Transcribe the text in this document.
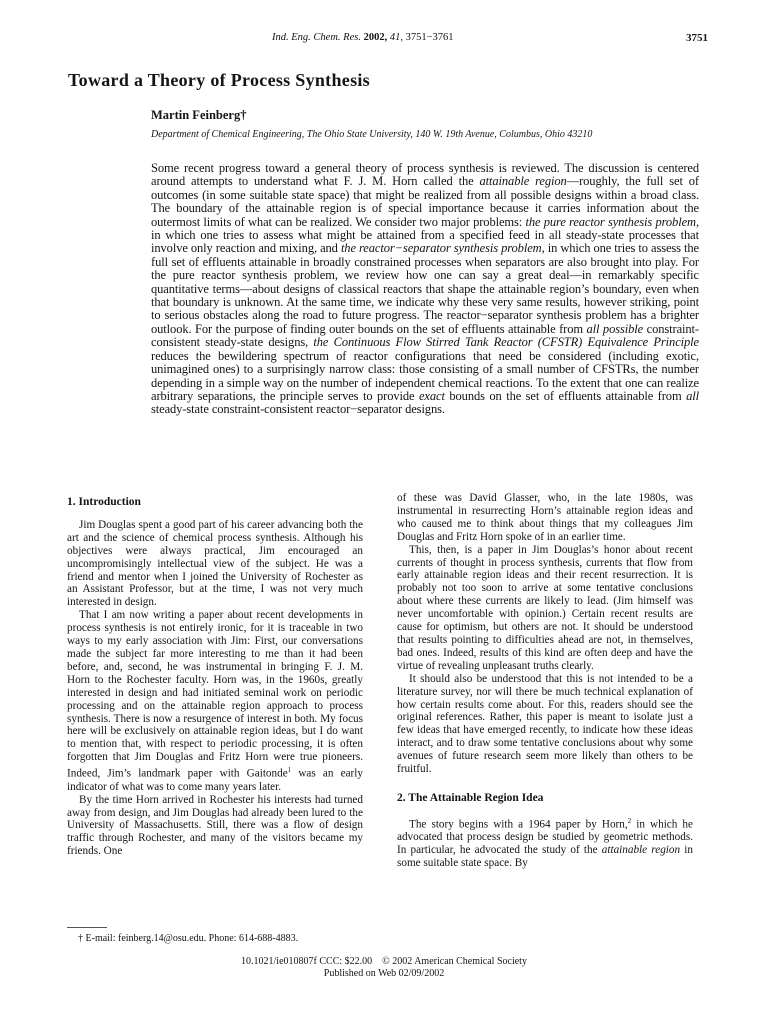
Ind. Eng. Chem. Res. 2002, 41, 3751−3761	3751
Toward a Theory of Process Synthesis
Martin Feinberg†
Department of Chemical Engineering, The Ohio State University, 140 W. 19th Avenue, Columbus, Ohio 43210
Some recent progress toward a general theory of process synthesis is reviewed. The discussion is centered around attempts to understand what F. J. M. Horn called the attainable region—roughly, the full set of outcomes (in some suitable state space) that might be realized from all possible designs within a broad class. The boundary of the attainable region is of special importance because it carries information about the outermost limits of what can be realized. We consider two major problems: the pure reactor synthesis problem, in which one tries to assess what might be attained from a specified feed in all steady-state processes that involve only reaction and mixing, and the reactor−separator synthesis problem, in which one tries to assess the full set of effluents attainable in broadly constrained processes when separators are also brought into play. For the pure reactor synthesis problem, we review how one can say a great deal—in remarkably specific quantitative terms—about designs of classical reactors that shape the attainable region’s boundary, even when that boundary is unknown. At the same time, we indicate why these very same results, however striking, point to serious obstacles along the road to future progress. The reactor−separator synthesis problem has a brighter outlook. For the purpose of finding outer bounds on the set of effluents attainable from all possible constraint-consistent steady-state designs, the Continuous Flow Stirred Tank Reactor (CFSTR) Equivalence Principle reduces the bewildering spectrum of reactor configurations that need be considered (including exotic, unimagined ones) to a surprisingly narrow class: those consisting of a small number of CFSTRs, the number depending in a simple way on the number of independent chemical reactions. To the extent that one can realize arbitrary separations, the principle serves to provide exact bounds on the set of effluents attainable from all steady-state constraint-consistent reactor−separator designs.
1. Introduction

Jim Douglas spent a good part of his career advancing both the art and the science of chemical process synthesis. Although his objectives were always practical, Jim encouraged an uncompromisingly intellectual view of the subject. He was a friend and mentor when I joined the University of Rochester as an Assistant Professor, but at the time, I was not very much interested in design.

That I am now writing a paper about recent developments in process synthesis is not entirely ironic, for it is traceable in two ways to my early association with Jim: First, our conversations made the subject far more interesting to me than it had been before, and, second, he was instrumental in bringing F. J. M. Horn to the Rochester faculty. Horn was, in the 1960s, greatly interested in design and had initiated seminal work on periodic processing and on the attainable region approach to process synthesis. There is now a resurgence of interest in both. My focus here will be exclusively on attainable region ideas, but I do want to mention that, with respect to periodic processing, it is often forgotten that Jim Douglas and Fritz Horn were true pioneers. Indeed, Jim’s landmark paper with Gaitonde$^1$ was an early indicator of what was to come many years later.

By the time Horn arrived in Rochester his interests had turned away from design, and Jim Douglas had already been lured to the University of Massachusetts. Still, there was a flow of design traffic through Rochester, and many of the visitors became my friends. One

of these was David Glasser, who, in the late 1980s, was instrumental in resurrecting Horn’s attainable region ideas and who caused me to think about things that my colleagues Jim Douglas and Fritz Horn spoke of in an earlier time.

This, then, is a paper in Jim Douglas’s honor about recent currents of thought in process synthesis, currents that flow from early attainable region ideas and their recent resurrection. It is probably not too soon to arrive at some tentative conclusions about where these currents are likely to lead. (Jim himself was never uncomfortable with opinion.) Certain recent results are cause for optimism, but others are not. It should be understood that results pointing to difficulties ahead are not, in themselves, bad ones. Indeed, results of this kind are often deep and have the virtue of revealing unpleasant truths clearly.

It should also be understood that this is not intended to be a literature survey, nor will there be much technical explanation of how certain results come about. For this, readers should see the original references. Rather, this paper is meant to isolate just a few ideas that have emerged recently, to indicate how these ideas interact, and to draw some tentative conclusions about why some avenues of future research seem more likely than others to be fruitful.

2. The Attainable Region Idea

The story begins with a 1964 paper by Horn,$^2$ in which he advocated that process design be studied by geometric methods. In particular, he advocated the study of the attainable region in some suitable state space. By

† E-mail: feinberg.14@osu.edu. Phone: 614-688-4883.
10.1021/ie010807f CCC: $22.00 © 2002 American Chemical Society
Published on Web 02/09/2002
